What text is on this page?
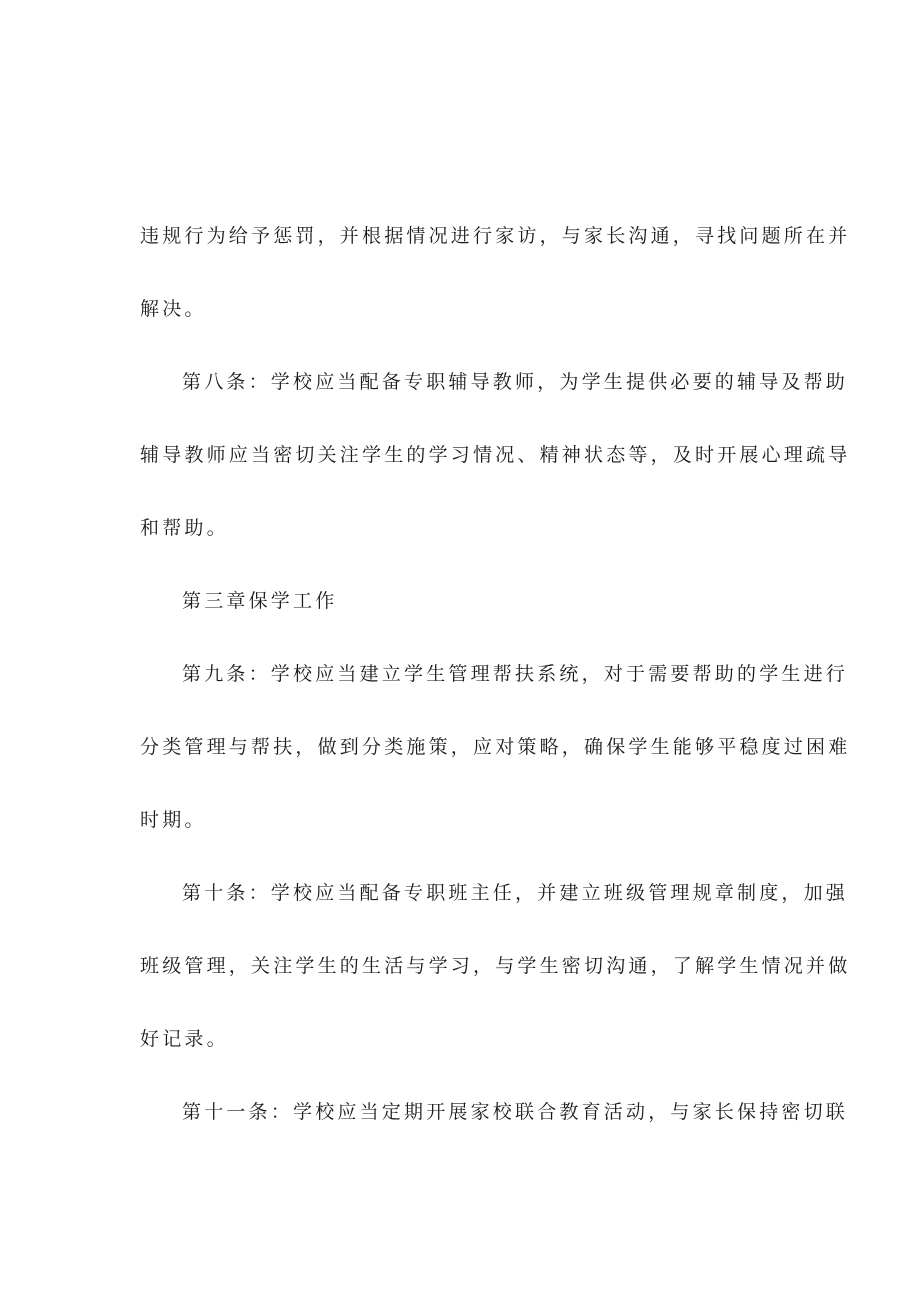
违规行为给予惩罚，并根据情况进行家访，与家长沟通，寻找问题所在并
解决。
第八条：学校应当配备专职辅导教师，为学生提供必要的辅导及帮助
辅导教师应当密切关注学生的学习情况、精神状态等，及时开展心理疏导
和帮助。
第三章保学工作
第九条：学校应当建立学生管理帮扶系统，对于需要帮助的学生进行
分类管理与帮扶，做到分类施策，应对策略，确保学生能够平稳度过困难
时期。
第十条：学校应当配备专职班主任，并建立班级管理规章制度，加强
班级管理，关注学生的生活与学习，与学生密切沟通，了解学生情况并做
好记录。
第十一条：学校应当定期开展家校联合教育活动，与家长保持密切联
